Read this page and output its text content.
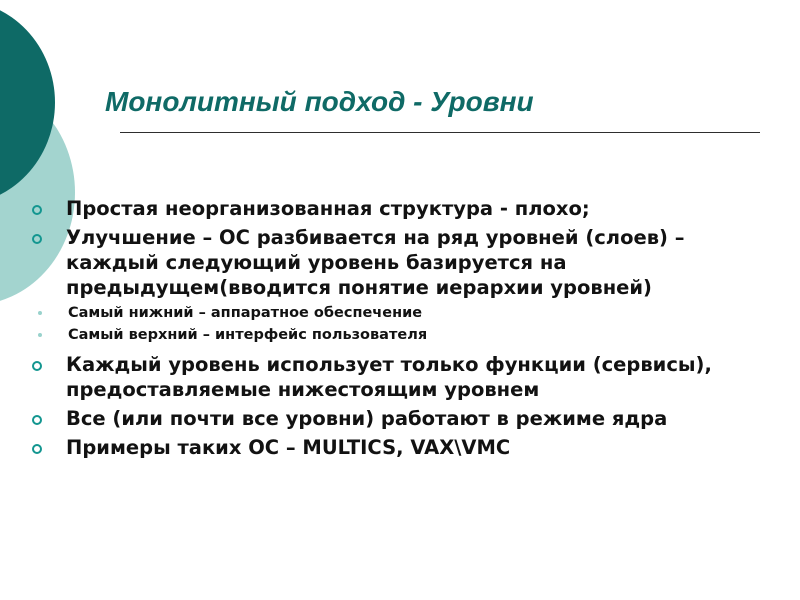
Монолитный подход - Уровни
Простая неорганизованная структура - плохо;
Улучшение – ОС разбивается на ряд уровней (слоев) – каждый следующий уровень базируется на предыдущем(вводится понятие иерархии уровней)
Самый нижний – аппаратное обеспечение
Самый верхний – интерфейс пользователя
Каждый уровень использует только функции (сервисы), предоставляемые нижестоящим уровнем
Все (или почти все уровни) работают в режиме ядра
Примеры таких ОС – MULTICS, VAX\VMC
